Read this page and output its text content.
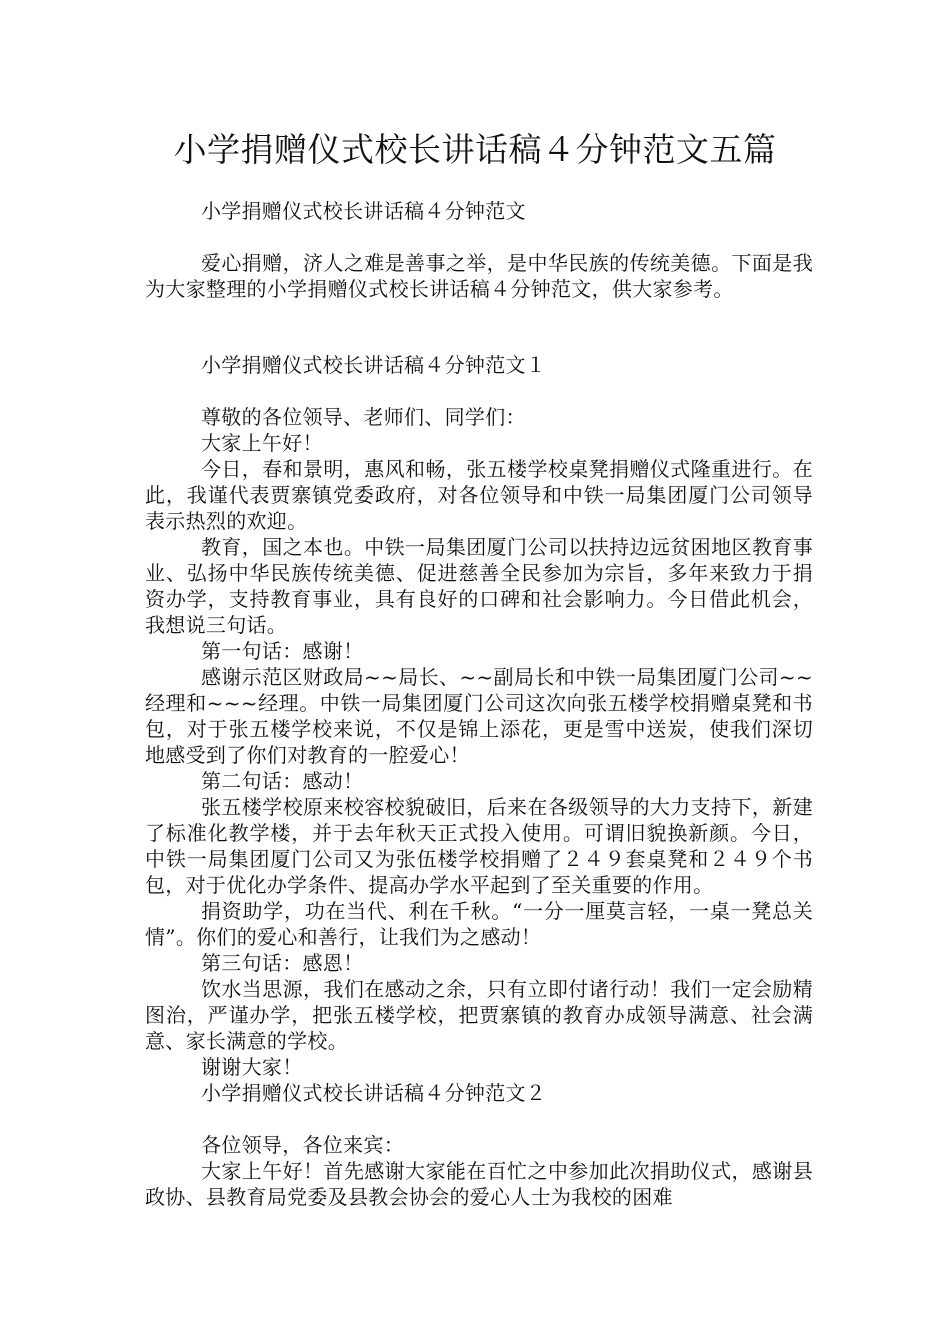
小学捐赠仪式校长讲话稿４分钟范文五篇

小学捐赠仪式校长讲话稿４分钟范文

爱心捐赠，济人之难是善事之举，是中华民族的传统美德。下面是我为大家整理的小学捐赠仪式校长讲话稿４分钟范文，供大家参考。

小学捐赠仪式校长讲话稿４分钟范文１

尊敬的各位领导、老师们、同学们：

大家上午好！

今日，春和景明，惠风和畅，张五楼学校桌凳捐赠仪式隆重进行。在此，我谨代表贾寨镇党委政府，对各位领导和中铁一局集团厦门公司领导表示热烈的欢迎。

教育，国之本也。中铁一局集团厦门公司以扶持边远贫困地区教育事业、弘扬中华民族传统美德、促进慈善全民参加为宗旨，多年来致力于捐资办学，支持教育事业，具有良好的口碑和社会影响力。今日借此机会，我想说三句话。

第一句话：感谢！

感谢示范区财政局~~局长、~~副局长和中铁一局集团厦门公司~~经理和~~~经理。中铁一局集团厦门公司这次向张五楼学校捐赠桌凳和书包，对于张五楼学校来说，不仅是锦上添花，更是雪中送炭，使我们深切地感受到了你们对教育的一腔爱心！

第二句话：感动！

张五楼学校原来校容校貌破旧，后来在各级领导的大力支持下，新建了标准化教学楼，并于去年秋天正式投入使用。可谓旧貌换新颜。今日，中铁一局集团厦门公司又为张伍楼学校捐赠了２４９套桌凳和２４９个书包，对于优化办学条件、提高办学水平起到了至关重要的作用。

捐资助学，功在当代、利在千秋。“一分一厘莫言轻，一桌一凳总关情”。你们的爱心和善行，让我们为之感动！

第三句话：感恩！

饮水当思源，我们在感动之余，只有立即付诸行动！我们一定会励精图治，严谨办学，把张五楼学校，把贾寨镇的教育办成领导满意、社会满意、家长满意的学校。

谢谢大家！

小学捐赠仪式校长讲话稿４分钟范文２

各位领导，各位来宾：

大家上午好！首先感谢大家能在百忙之中参加此次捐助仪式，感谢县政协、县教育局党委及县教会协会的爱心人士为我校的困难
